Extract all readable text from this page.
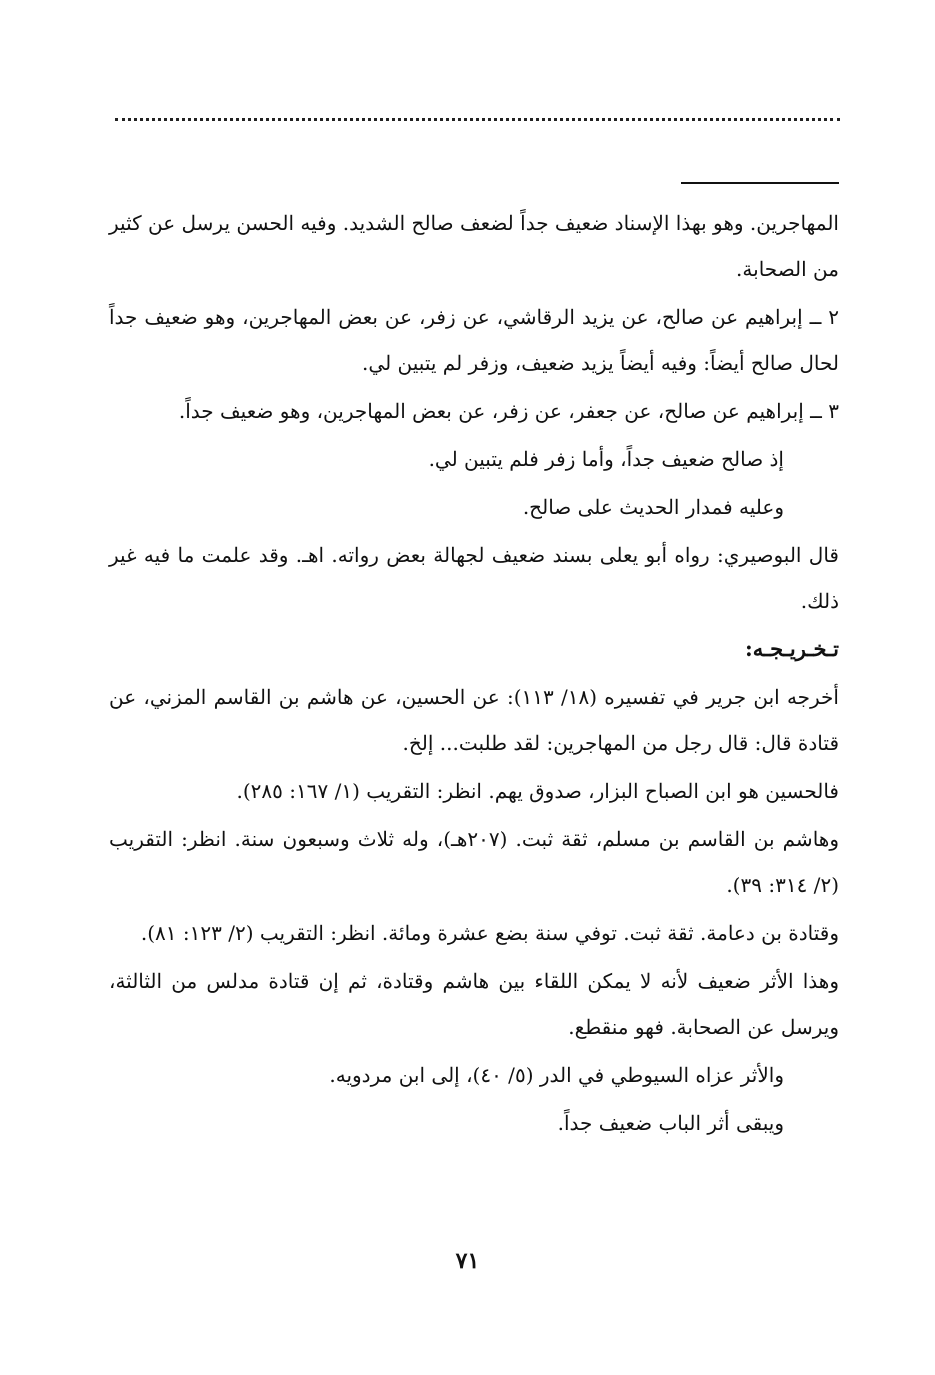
المهاجرين. وهو بهذا الإسناد ضعيف جداً لضعف صالح الشديد. وفيه الحسن يرسل عن كثير من الصحابة.

٢ ــ إبراهيم عن صالح، عن يزيد الرقاشي، عن زفر، عن بعض المهاجرين، وهو ضعيف جداً لحال صالح أيضاً: وفيه أيضاً يزيد ضعيف، وزفر لم يتبين لي.

٣ ــ إبراهيم عن صالح، عن جعفر، عن زفر، عن بعض المهاجرين، وهو ضعيف جداً.

إذ صالح ضعيف جداً، وأما زفر فلم يتبين لي.

وعليه فمدار الحديث على صالح.

قال البوصيري: رواه أبو يعلى بسند ضعيف لجهالة بعض رواته. اهـ. وقد علمت ما فيه غير ذلك.

تـخـريـجـه:

أخرجه ابن جرير في تفسيره (١٨/ ١١٣): عن الحسين، عن هاشم بن القاسم المزني، عن قتادة قال: قال رجل من المهاجرين: لقد طلبت... إلخ.

فالحسين هو ابن الصباح البزار، صدوق يهم. انظر: التقريب (١/ ١٦٧: ٢٨٥).

وهاشم بن القاسم بن مسلم، ثقة ثبت. (٢٠٧هـ)، وله ثلاث وسبعون سنة. انظر: التقريب (٢/ ٣١٤: ٣٩).

وقتادة بن دعامة. ثقة ثبت. توفي سنة بضع عشرة ومائة. انظر: التقريب (٢/ ١٢٣: ٨١).

وهذا الأثر ضعيف لأنه لا يمكن اللقاء بين هاشم وقتادة، ثم إن قتادة مدلس من الثالثة، ويرسل عن الصحابة. فهو منقطع.

والأثر عزاه السيوطي في الدر (٥/ ٤٠)، إلى ابن مردويه.

ويبقى أثر الباب ضعيف جداً.

٧١
